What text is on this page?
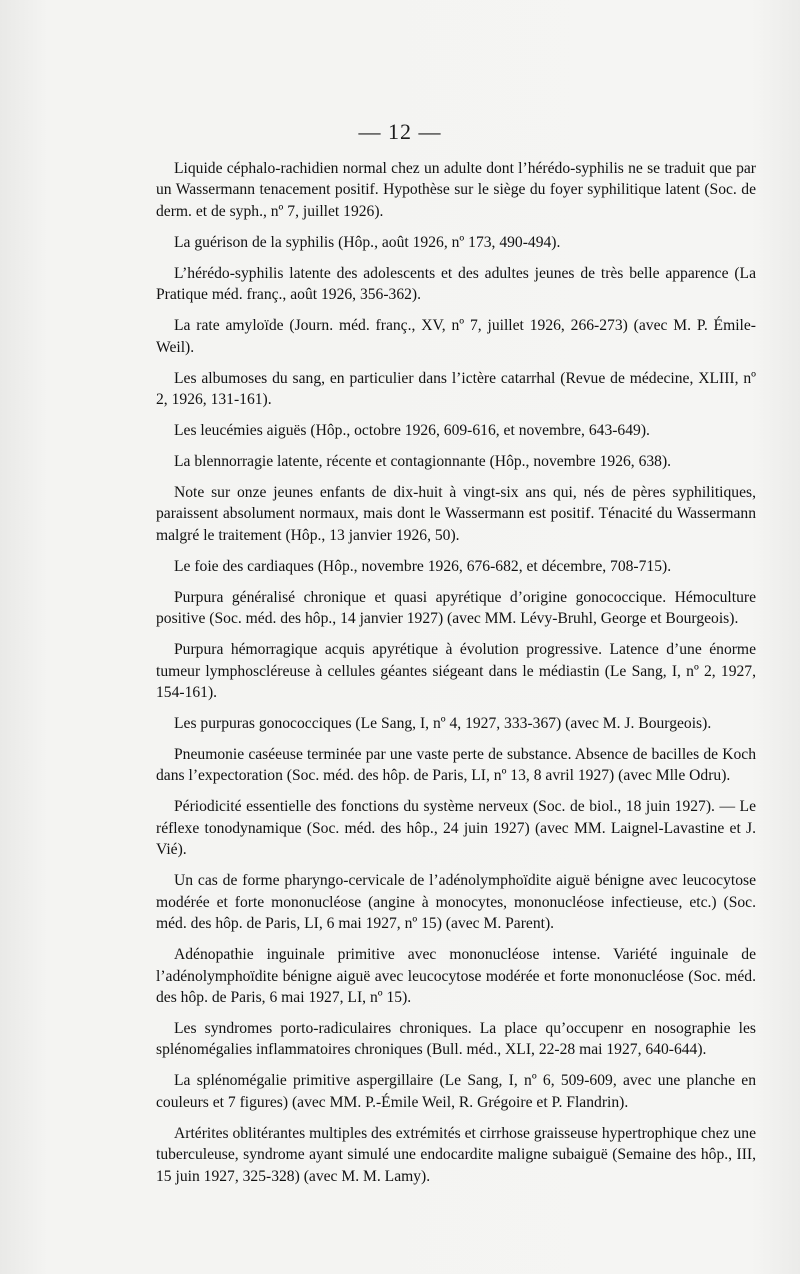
— 12 —

Liquide céphalo-rachidien normal chez un adulte dont l’hérédo-syphilis ne se traduit que par un Wassermann tenacement positif. Hypothèse sur le siège du foyer syphilitique latent (Soc. de derm. et de syph., nº 7, juillet 1926).

La guérison de la syphilis (Hôp., août 1926, nº 173, 490-494).

L’hérédo-syphilis latente des adolescents et des adultes jeunes de très belle apparence (La Pratique méd. franç., août 1926, 356-362).

La rate amyloïde (Journ. méd. franç., XV, nº 7, juillet 1926, 266-273) (avec M. P. Émile-Weil).

Les albumoses du sang, en particulier dans l’ictère catarrhal (Revue de médecine, XLIII, nº 2, 1926, 131-161).

Les leucémies aiguës (Hôp., octobre 1926, 609-616, et novembre, 643-649).

La blennorragie latente, récente et contagionnante (Hôp., novembre 1926, 638).

Note sur onze jeunes enfants de dix-huit à vingt-six ans qui, nés de pères syphilitiques, paraissent absolument normaux, mais dont le Wassermann est positif. Ténacité du Wassermann malgré le traitement (Hôp., 13 janvier 1926, 50).

Le foie des cardiaques (Hôp., novembre 1926, 676-682, et décembre, 708-715).

Purpura généralisé chronique et quasi apyrétique d’origine gonococcique. Hémoculture positive (Soc. méd. des hôp., 14 janvier 1927) (avec MM. Lévy-Bruhl, George et Bourgeois).

Purpura hémorragique acquis apyrétique à évolution progressive. Latence d’une énorme tumeur lymphoscléreuse à cellules géantes siégeant dans le médiastin (Le Sang, I, nº 2, 1927, 154-161).

Les purpuras gonococciques (Le Sang, I, nº 4, 1927, 333-367) (avec M. J. Bourgeois).

Pneumonie caséeuse terminée par une vaste perte de substance. Absence de bacilles de Koch dans l’expectoration (Soc. méd. des hôp. de Paris, LI, nº 13, 8 avril 1927) (avec Mlle Odru).

Périodicité essentielle des fonctions du système nerveux (Soc. de biol., 18 juin 1927). — Le réflexe tonodynamique (Soc. méd. des hôp., 24 juin 1927) (avec MM. Laignel-Lavastine et J. Vié).

Un cas de forme pharyngo-cervicale de l’adénolymphoïdite aiguë bénigne avec leucocytose modérée et forte mononucléose (angine à monocytes, mononucléose infectieuse, etc.) (Soc. méd. des hôp. de Paris, LI, 6 mai 1927, nº 15) (avec M. Parent).

Adénopathie inguinale primitive avec mononucléose intense. Variété inguinale de l’adénolymphoïdite bénigne aiguë avec leucocytose modérée et forte mononucléose (Soc. méd. des hôp. de Paris, 6 mai 1927, LI, nº 15).

Les syndromes porto-radiculaires chroniques. La place qu’occupenr en nosographie les splénomégalies inflammatoires chroniques (Bull. méd., XLI, 22-28 mai 1927, 640-644).

La splénomégalie primitive aspergillaire (Le Sang, I, nº 6, 509-609, avec une planche en couleurs et 7 figures) (avec MM. P.-Émile Weil, R. Grégoire et P. Flandrin).

Artérites oblitérantes multiples des extrémités et cirrhose graisseuse hypertrophique chez une tuberculeuse, syndrome ayant simulé une endocardite maligne subaiguë (Semaine des hôp., III, 15 juin 1927, 325-328) (avec M. M. Lamy).
